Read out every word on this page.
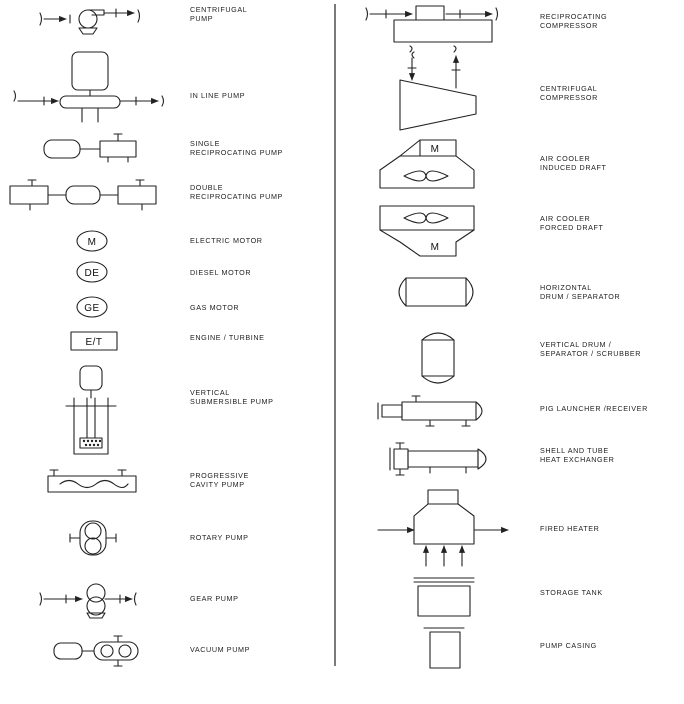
M
DE
GE
E/T
M
M
CENTRIFUGAL PUMP
IN LINE PUMP
SINGLE RECIPROCATING PUMP
DOUBLE RECIPROCATING PUMP
ELECTRIC MOTOR
DIESEL MOTOR
GAS MOTOR
ENGINE / TURBINE
VERTICAL SUBMERSIBLE PUMP
PROGRESSIVE CAVITY PUMP
ROTARY PUMP
GEAR PUMP
VACUUM PUMP
RECIPROCATING COMPRESSOR
CENTRIFUGAL COMPRESSOR
AIR COOLER INDUCED DRAFT
AIR COOLER FORCED DRAFT
HORIZONTAL DRUM / SEPARATOR
VERTICAL DRUM / SEPARATOR / SCRUBBER
PIG LAUNCHER /RECEIVER
SHELL AND TUBE HEAT EXCHANGER
FIRED HEATER
STORAGE TANK
PUMP CASING
